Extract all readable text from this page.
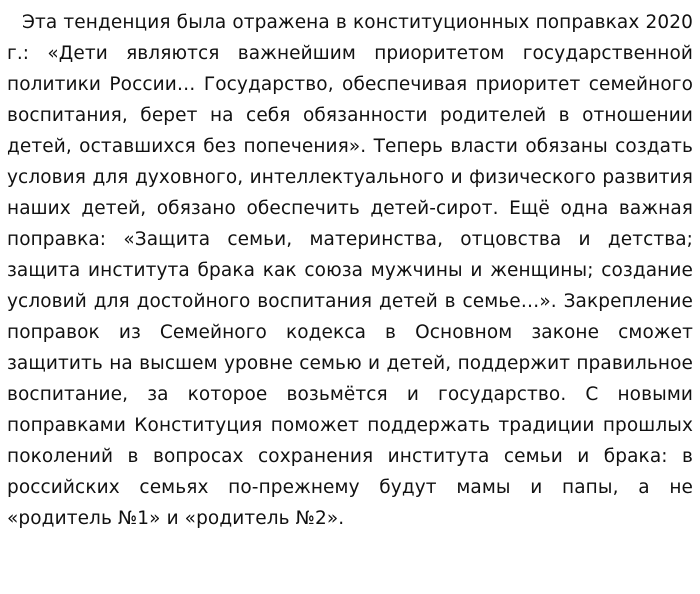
Эта тенденция была отражена в конституционных поправках 2020 г.: «Дети являются важнейшим приоритетом государственной политики России… Государство, обеспечивая приоритет семейного воспитания, берет на себя обязанности родителей в отношении детей, оставшихся без попечения». Теперь власти обязаны создать условия для духовного, интеллектуального и физического развития наших детей, обязано обеспечить детей-сирот. Ещё одна важная поправка: «Защита семьи, материнства, отцовства и детства; защита института брака как союза мужчины и женщины; создание условий для достойного воспитания детей в семье…». Закрепление поправок из Семейного кодекса в Основном законе сможет защитить на высшем уровне семью и детей, поддержит правильное воспитание, за которое возьмётся и государство. С новыми поправками Конституция поможет поддержать традиции прошлых поколений в вопросах сохранения института семьи и брака: в российских семьях по-прежнему будут мамы и папы, а не «родитель №1» и «родитель №2».
